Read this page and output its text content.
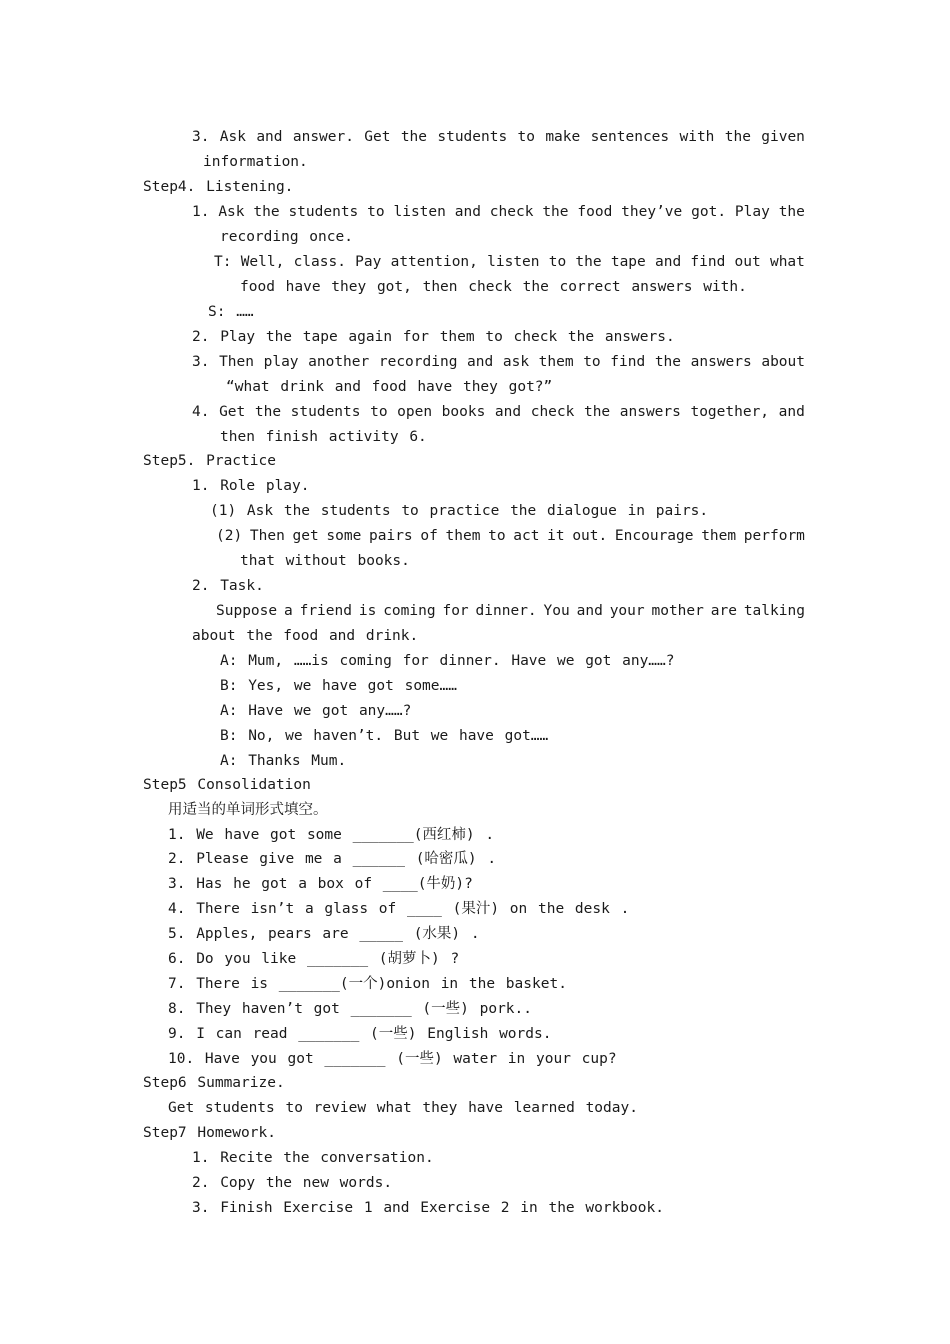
3. Ask and answer. Get the students to make sentences with the given
information.
Step4. Listening.
1. Ask the students to listen and check the food they’ve got. Play the
recording once.
T: Well, class. Pay attention, listen to the tape and find out what
food have they got, then check the correct answers with.
S: ……
2. Play the tape again for them to check the answers.
3. Then play another recording and ask them to find the answers about
“what drink and food have they got?”
4. Get the students to open books and check the answers together, and
then finish activity 6.
Step5. Practice
1. Role play.
(1) Ask the students to practice the dialogue in pairs.
(2) Then get some pairs of them to act it out. Encourage them perform
that without books.
2. Task.
Suppose a friend is coming for dinner. You and your mother are talking
about the food and drink.
A: Mum, ……is coming for dinner. Have we got any……?
B: Yes, we have got some……
A: Have we got any……?
B: No, we haven’t. But we have got……
A: Thanks Mum.
Step5 Consolidation
用适当的单词形式填空。
1. We have got some _______(西红柿) .
2. Please give me a ______ (哈密瓜) .
3. Has he got a box of ____(牛奶)?
4. There isn’t a glass of ____ (果汁) on the desk .
5. Apples, pears are _____ (水果) .
6. Do you like _______ (胡萝卜) ?
7. There is _______(一个)onion in the basket.
8. They haven’t got _______ (一些) pork..
9. I can read _______ (一些) English words.
10. Have you got _______ (一些) water in your cup?
Step6 Summarize.
Get students to review what they have learned today.
Step7 Homework.
1. Recite the conversation.
2. Copy the new words.
3. Finish Exercise 1 and Exercise 2 in the workbook.
